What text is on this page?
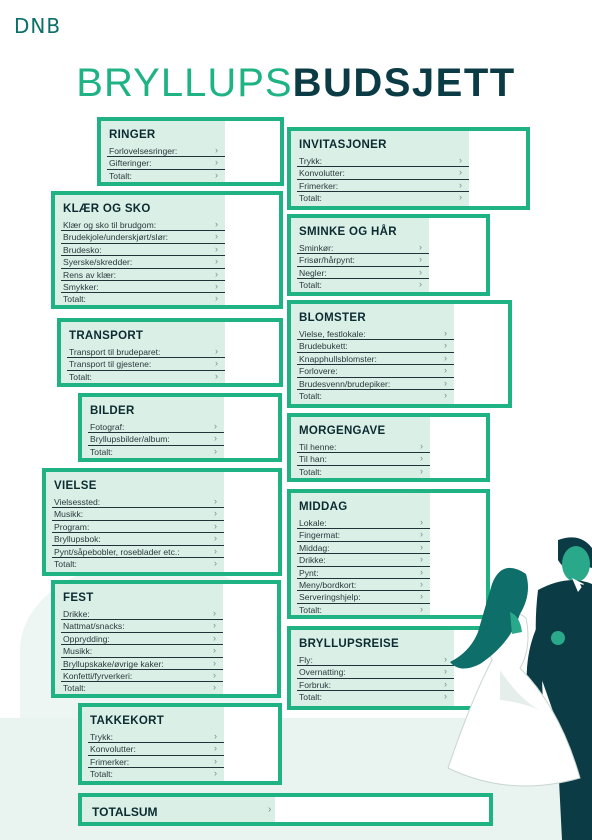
DNB
BRYLLUPSBUDSJETT
RINGER
Forlovelsesringer:	›
Gifteringer:	›
Totalt:	›
KLÆR OG SKO
Klær og sko til brudgom:	›
Brudekjole/underskjørt/slør:	›
Brudesko:	›
Syerske/skredder:	›
Rens av klær:	›
Smykker:	›
Totalt:	›
TRANSPORT
Transport til brudeparet:	›
Transport til gjestene:	›
Totalt:	›
BILDER
Fotograf:	›
Bryllupsbilder/album:	›
Totalt:	›
VIELSE
Vielsessted:	›
Musikk:	›
Program:	›
Bryllupsbok:	›
Pynt/såpebobler, roseblader etc.:	›
Totalt:	›
FEST
Drikke:	›
Nattmat/snacks:	›
Opprydding:	›
Musikk:	›
Bryllupskake/øvrige kaker:	›
Konfetti/fyrverkeri:	›
Totalt:	›
TAKKEKORT
Trykk:	›
Konvolutter:	›
Frimerker:	›
Totalt:	›
INVITASJONER
Trykk:	›
Konvolutter:	›
Frimerker:	›
Totalt:	›
SMINKE OG HÅR
Sminkør:	›
Frisør/hårpynt:	›
Negler:	›
Totalt:	›
BLOMSTER
Vielse, festlokale:	›
Brudebukett:	›
Knapphullsblomster:	›
Forlovere:	›
Brudesvenn/brudepiker:	›
Totalt:	›
MORGENGAVE
Til henne:	›
Til han:	›
Totalt:	›
MIDDAG
Lokale:	›
Fingermat:	›
Middag:	›
Drikke:	›
Pynt:	›
Meny/bordkort:	›
Serveringshjelp:	›
Totalt:	›
BRYLLUPSREISE
Fly:	›
Overnatting:	›
Forbruk:	›
Totalt:	›
TOTALSUM	›
